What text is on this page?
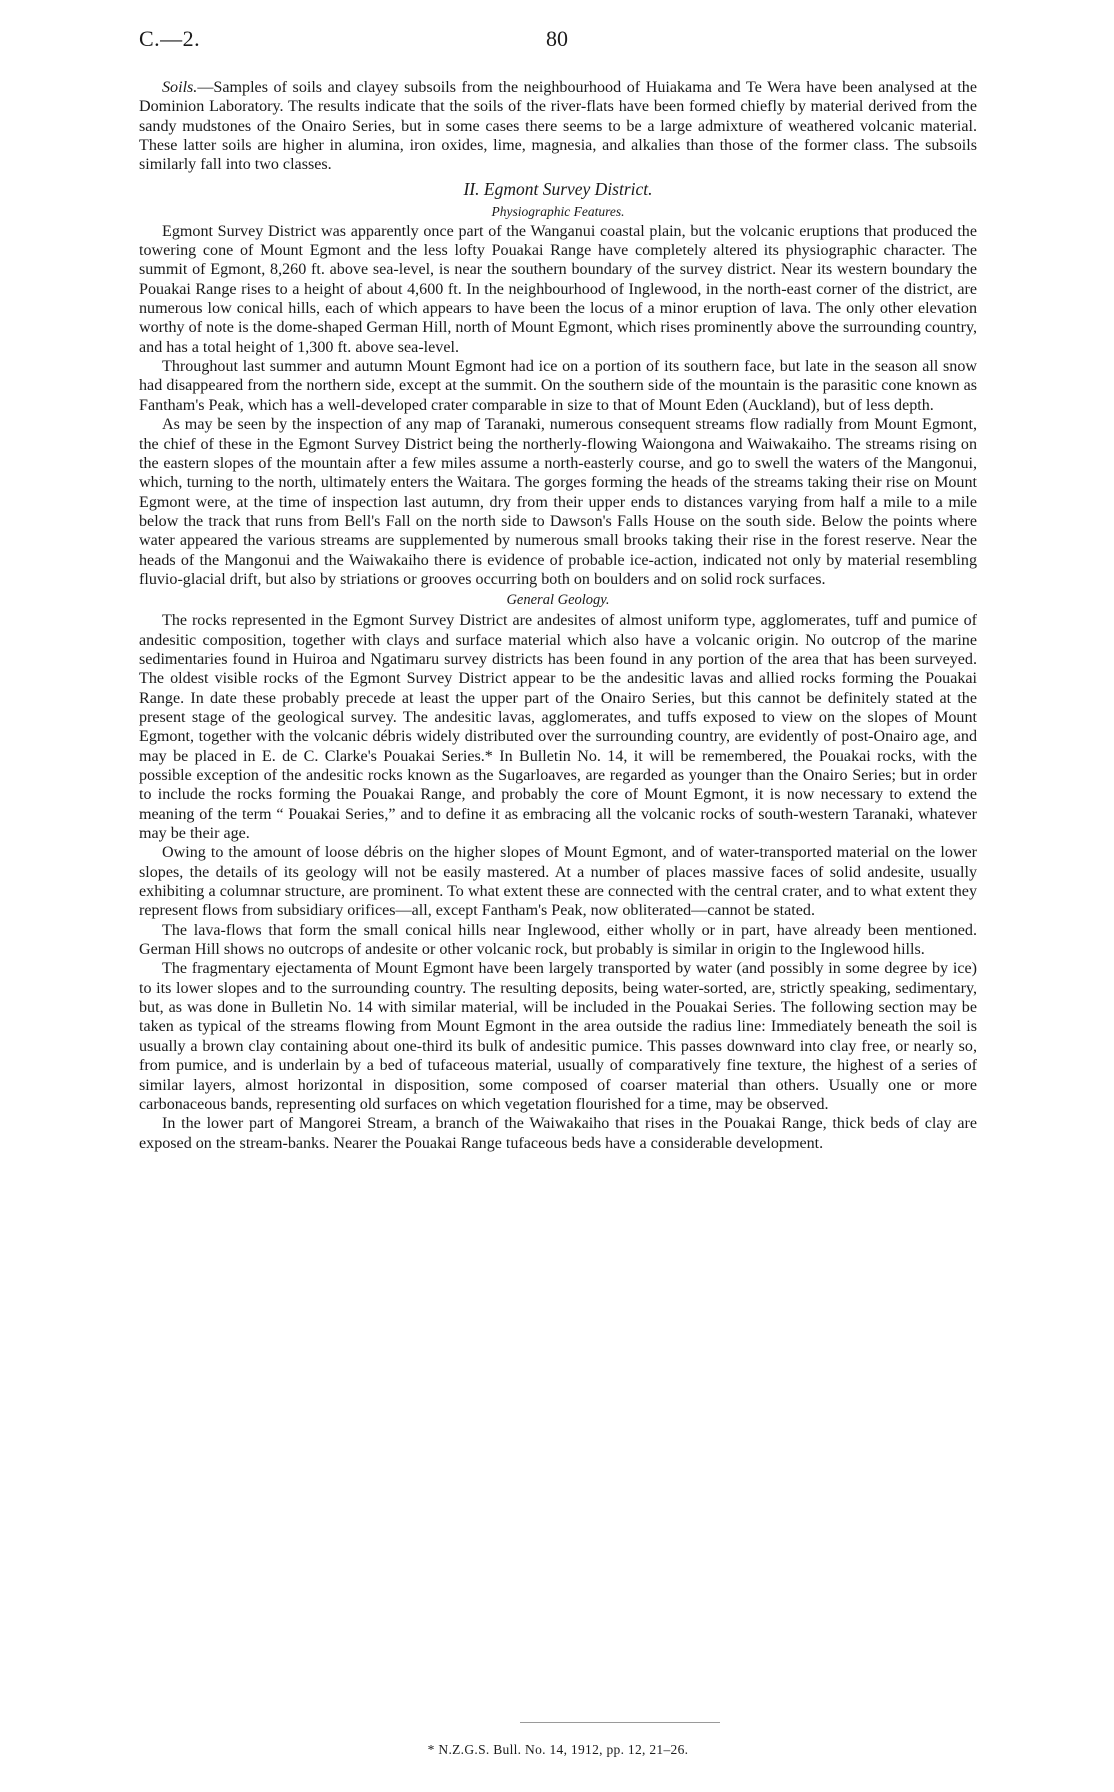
C.—2.	80

Soils.—Samples of soils and clayey subsoils from the neighbourhood of Huiakama and Te Wera have been analysed at the Dominion Laboratory. The results indicate that the soils of the river-flats have been formed chiefly by material derived from the sandy mudstones of the Onairo Series, but in some cases there seems to be a large admixture of weathered volcanic material. These latter soils are higher in alumina, iron oxides, lime, magnesia, and alkalies than those of the former class. The subsoils similarly fall into two classes.

II. Egmont Survey District.
Physiographic Features.

Egmont Survey District was apparently once part of the Wanganui coastal plain, but the volcanic eruptions that produced the towering cone of Mount Egmont and the less lofty Pouakai Range have completely altered its physiographic character. The summit of Egmont, 8,260 ft. above sea-level, is near the southern boundary of the survey district. Near its western boundary the Pouakai Range rises to a height of about 4,600 ft. In the neighbourhood of Inglewood, in the north-east corner of the district, are numerous low conical hills, each of which appears to have been the locus of a minor eruption of lava. The only other elevation worthy of note is the dome-shaped German Hill, north of Mount Egmont, which rises prominently above the surrounding country, and has a total height of 1,300 ft. above sea-level.

Throughout last summer and autumn Mount Egmont had ice on a portion of its southern face, but late in the season all snow had disappeared from the northern side, except at the summit. On the southern side of the mountain is the parasitic cone known as Fantham's Peak, which has a well-developed crater comparable in size to that of Mount Eden (Auckland), but of less depth.

As may be seen by the inspection of any map of Taranaki, numerous consequent streams flow radially from Mount Egmont, the chief of these in the Egmont Survey District being the northerly-flowing Waiongona and Waiwakaiho. The streams rising on the eastern slopes of the mountain after a few miles assume a north-easterly course, and go to swell the waters of the Mangonui, which, turning to the north, ultimately enters the Waitara. The gorges forming the heads of the streams taking their rise on Mount Egmont were, at the time of inspection last autumn, dry from their upper ends to distances varying from half a mile to a mile below the track that runs from Bell's Fall on the north side to Dawson's Falls House on the south side. Below the points where water appeared the various streams are supplemented by numerous small brooks taking their rise in the forest reserve. Near the heads of the Mangonui and the Waiwakaiho there is evidence of probable ice-action, indicated not only by material resembling fluvio-glacial drift, but also by striations or grooves occurring both on boulders and on solid rock surfaces.

General Geology.

The rocks represented in the Egmont Survey District are andesites of almost uniform type, agglomerates, tuff and pumice of andesitic composition, together with clays and surface material which also have a volcanic origin. No outcrop of the marine sedimentaries found in Huiroa and Ngatimaru survey districts has been found in any portion of the area that has been surveyed. The oldest visible rocks of the Egmont Survey District appear to be the andesitic lavas and allied rocks forming the Pouakai Range. In date these probably precede at least the upper part of the Onairo Series, but this cannot be definitely stated at the present stage of the geological survey. The andesitic lavas, agglomerates, and tuffs exposed to view on the slopes of Mount Egmont, together with the volcanic débris widely distributed over the surrounding country, are evidently of post-Onairo age, and may be placed in E. de C. Clarke's Pouakai Series.* In Bulletin No. 14, it will be remembered, the Pouakai rocks, with the possible exception of the andesitic rocks known as the Sugarloaves, are regarded as younger than the Onairo Series; but in order to include the rocks forming the Pouakai Range, and probably the core of Mount Egmont, it is now necessary to extend the meaning of the term “ Pouakai Series,” and to define it as embracing all the volcanic rocks of south-western Taranaki, whatever may be their age.

Owing to the amount of loose débris on the higher slopes of Mount Egmont, and of water-transported material on the lower slopes, the details of its geology will not be easily mastered. At a number of places massive faces of solid andesite, usually exhibiting a columnar structure, are prominent. To what extent these are connected with the central crater, and to what extent they represent flows from subsidiary orifices—all, except Fantham's Peak, now obliterated—cannot be stated.

The lava-flows that form the small conical hills near Inglewood, either wholly or in part, have already been mentioned. German Hill shows no outcrops of andesite or other volcanic rock, but probably is similar in origin to the Inglewood hills.

The fragmentary ejectamenta of Mount Egmont have been largely transported by water (and possibly in some degree by ice) to its lower slopes and to the surrounding country. The resulting deposits, being water-sorted, are, strictly speaking, sedimentary, but, as was done in Bulletin No. 14 with similar material, will be included in the Pouakai Series. The following section may be taken as typical of the streams flowing from Mount Egmont in the area outside the radius line: Immediately beneath the soil is usually a brown clay containing about one-third its bulk of andesitic pumice. This passes downward into clay free, or nearly so, from pumice, and is underlain by a bed of tufaceous material, usually of comparatively fine texture, the highest of a series of similar layers, almost horizontal in disposition, some composed of coarser material than others. Usually one or more carbonaceous bands, representing old surfaces on which vegetation flourished for a time, may be observed.

In the lower part of Mangorei Stream, a branch of the Waiwakaiho that rises in the Pouakai Range, thick beds of clay are exposed on the stream-banks. Nearer the Pouakai Range tufaceous beds have a considerable development.

* N.Z.G.S. Bull. No. 14, 1912, pp. 12, 21–26.
